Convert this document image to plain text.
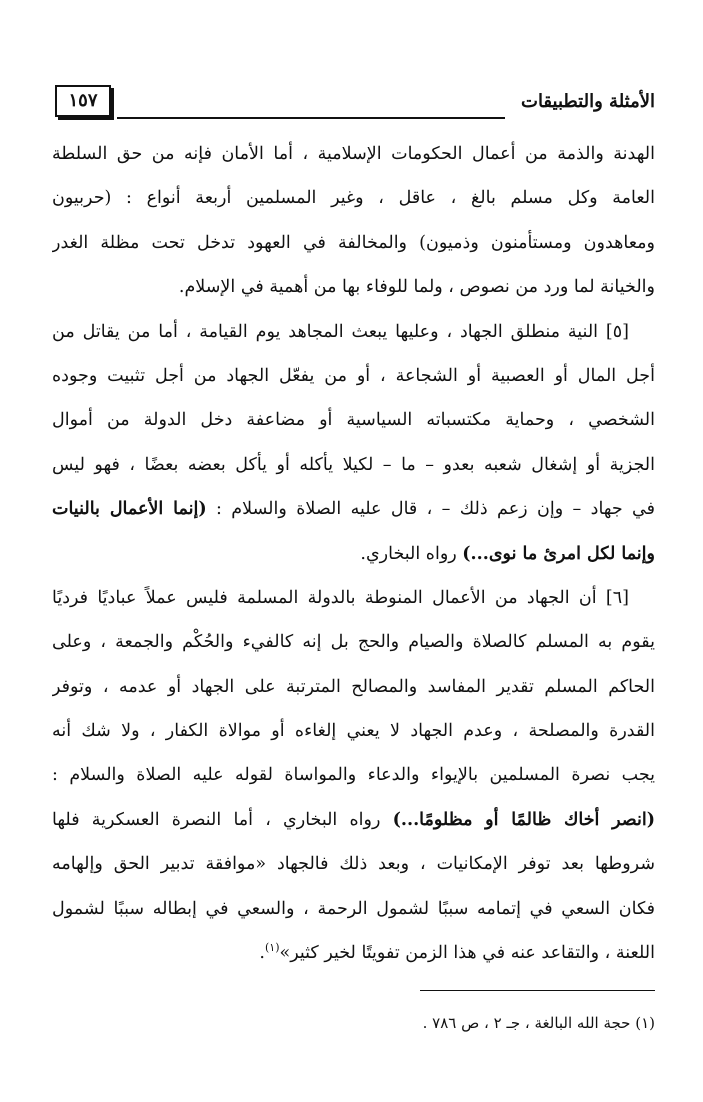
الأمثلة والتطبيقات
١٥٧
الهدنة والذمة من أعمال الحكومات الإسلامية ، أما الأمان فإنه من حق السلطة
العامة وكل مسلم بالغ ، عاقل ، وغير المسلمين أربعة أنواع : (حربيون
ومعاهدون ومستأمنون وذميون) والمخالفة في العهود تدخل تحت مظلة الغدر
والخيانة لما ورد من نصوص ، ولما للوفاء بها من أهمية في الإسلام.
[٥] النية منطلق الجهاد ، وعليها يبعث المجاهد يوم القيامة ، أما من يقاتل من
أجل المال أو العصبية أو الشجاعة ، أو من يفعّل الجهاد من أجل تثبيت وجوده
الشخصي ، وحماية مكتسباته السياسية أو مضاعفة دخل الدولة من أموال
الجزية أو إشغال شعبه بعدو – ما – لكيلا يأكله أو يأكل بعضه بعضًا ، فهو ليس
في جهاد – وإن زعم ذلك – ، قال عليه الصلاة والسلام : (إنما الأعمال بالنيات
وإنما لكل امرئ ما نوى...) رواه البخاري.
[٦] أن الجهاد من الأعمال المنوطة بالدولة المسلمة فليس عملاً عباديًا فرديًا
يقوم به المسلم كالصلاة والصيام والحج بل إنه كالفيء والحُكْم والجمعة ، وعلى
الحاكم المسلم تقدير المفاسد والمصالح المترتبة على الجهاد أو عدمه ، وتوفر
القدرة والمصلحة ، وعدم الجهاد لا يعني إلغاءه أو موالاة الكفار ، ولا شك أنه
يجب نصرة المسلمين بالإيواء والدعاء والمواساة لقوله عليه الصلاة والسلام :
(انصر أخاك ظالمًا أو مظلومًا...) رواه البخاري ، أما النصرة العسكرية فلها
شروطها بعد توفر الإمكانيات ، وبعد ذلك فالجهاد «موافقة تدبير الحق وإلهامه
فكان السعي في إتمامه سببًا لشمول الرحمة ، والسعي في إبطاله سببًا لشمول
اللعنة ، والتقاعد عنه في هذا الزمن تفويتًا لخير كثير»$^{(١)}$.
(١) حجة الله البالغة ، جـ ٢ ، ص ٧٨٦ .
